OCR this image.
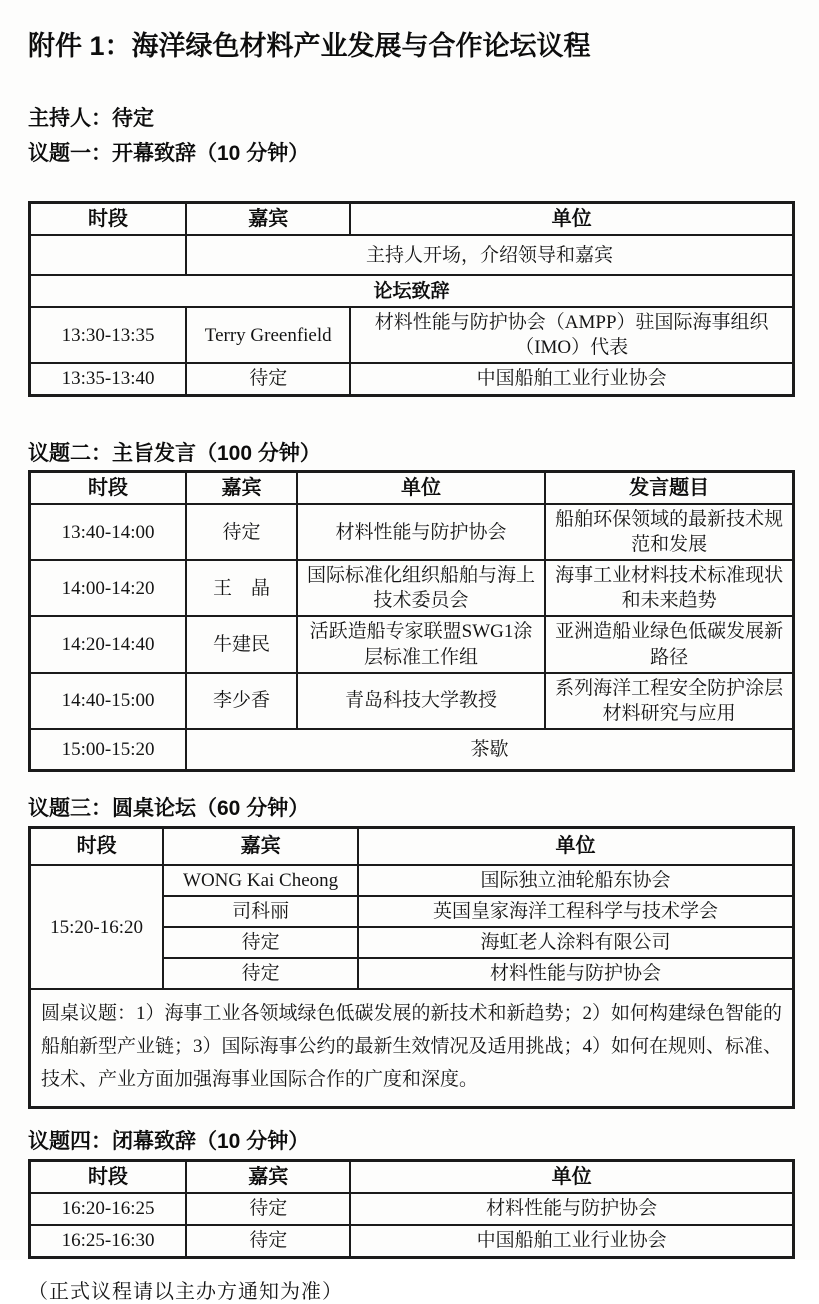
附件 1：海洋绿色材料产业发展与合作论坛议程
主持人：待定
议题一：开幕致辞（10 分钟）
时段	嘉宾	单位
	主持人开场，介绍领导和嘉宾	
论坛致辞		
13:30-13:35	Terry Greenfield	材料性能与防护协会（AMPP）驻国际海事组织（IMO）代表
13:35-13:40	待定	中国船舶工业行业协会
议题二：主旨发言（100 分钟）
时段	嘉宾	单位	发言题目
13:40-14:00	待定	材料性能与防护协会	船舶环保领域的最新技术规范和发展
14:00-14:20	王　晶	国际标准化组织船舶与海上技术委员会	海事工业材料技术标准现状和未来趋势
14:20-14:40	牛建民	活跃造船专家联盟SWG1涂层标准工作组	亚洲造船业绿色低碳发展新路径
14:40-15:00	李少香	青岛科技大学教授	系列海洋工程安全防护涂层材料研究与应用
15:00-15:20	茶歇		
议题三：圆桌论坛（60 分钟）
时段	嘉宾	单位
15:20-16:20	WONG Kai Cheong	国际独立油轮船东协会
	司科丽	英国皇家海洋工程科学与技术学会
	待定	海虹老人涂料有限公司
	待定	材料性能与防护协会
圆桌议题：1）海事工业各领域绿色低碳发展的新技术和新趋势；2）如何构建绿色智能的船舶新型产业链；3）国际海事公约的最新生效情况及适用挑战；4）如何在规则、标准、技术、产业方面加强海事业国际合作的广度和深度。		
议题四：闭幕致辞（10 分钟）
时段	嘉宾	单位
16:20-16:25	待定	材料性能与防护协会
16:25-16:30	待定	中国船舶工业行业协会
（正式议程请以主办方通知为准）
